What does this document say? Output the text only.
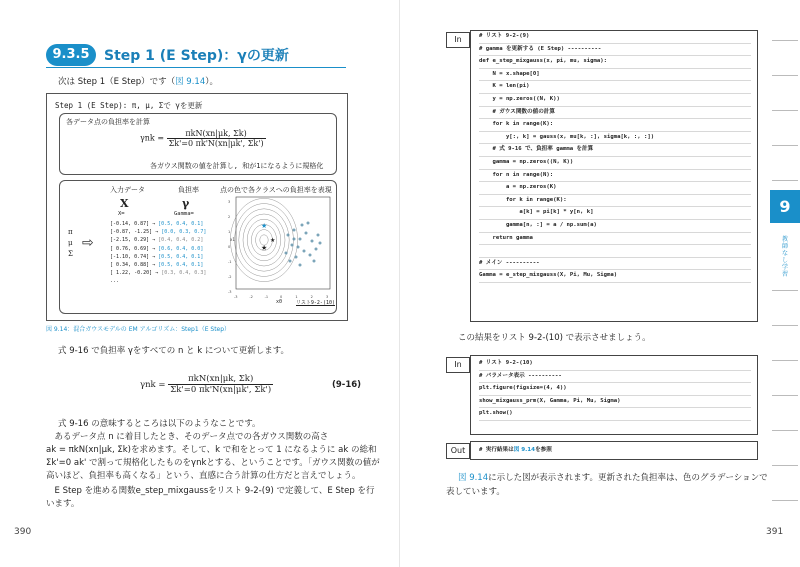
9.3.5	Step 1 (E Step)：γの更新
次は Step 1（E Step）です（図 9.14）。
Step 1 (E Step): π, μ, Σで γを更新
各データ点の負担率を計算
$\gamma nk = \frac{\text{πkN(xn|μk, Σk)}}{\Sigma k'=0 \pi k'N(xn|\mu k', \Sigma k')}$
各ガウス関数の値を計算し, 和が1になるように規格化
入力データ	負担率	点の色で各クラスへの負担率を表現
X	γ
X=	Gamma=
π
μ
Σ
⇨
[-0.14, 0.87] → [0.5, 0.4, 0.1]
[-0.87, -1.25] → [0.0, 0.3, 0.7]
[-2.15, 0.29] → [0.4, 0.4, 0.2]
[ 0.76, 0.69] → [0.6, 0.4, 0.0]
[-1.10, 0.74] → [0.5, 0.4, 0.1]
[ 0.34, 0.88] → [0.5, 0.4, 0.1]
[ 1.22, -0.20] → [0.3, 0.4, 0.3]
...
★
★
★
3
2
1
0
-1
-2
-3
-3	-2	-1	0	1	2	3
x1
x0	リスト9-2-(10)
図 9.14：混合ガウスモデルの EM アルゴリズム：Step1（E Step）
式 9-16 で負担率 γをすべての n と k について更新します。
$\gamma nk = \frac{\text{πkN(xn|μk, Σk)}}{\Sigma k'=0 \pi k'N(xn|\mu k', \Sigma k')}$	(9-16)
式 9-16 の意味するところは以下のようなことです。
　あるデータ点 n に着目したとき、そのデータ点での各ガウス関数の高さ
ak = πkN(xn|μk, Σk)を求めます。そして、k で和をとって 1 になるように ak の総和
Σk'=0 ak' で割って規格化したものをγnkとする、ということです。「ガウス関数の値が
高いほど、負担率も高くなる」という、直感に合う計算の仕方だと言えでしょう。
　E Step を進める関数e_step_mixgaussをリスト 9-2-(9) で定義して、E Step を行
います。
390
In	# リスト 9-2-(9)
# gamma を更新する (E Step) ----------
def e_step_mixgauss(x, pi, mu, sigma):
N = x.shape[0]
K = len(pi)
y = np.zeros((N, K))
# ガウス関数の値の計算
for k in range(K):
y[:, k] = gauss(x, mu[k, :], sigma[k, :, :])
# 式 9-16 で、負担率 gamma を計算
gamma = np.zeros((N, K))
for n in range(N):
a = np.zeros(K)
for k in range(K):
a[k] = pi[k] * y[n, k]
gamma[n, :] = a / np.sum(a)
return gamma

# メイン ----------
Gamma = e_step_mixgauss(X, Pi, Mu, Sigma)
この結果をリスト 9-2-(10) で表示させましょう。
In	# リスト 9-2-(10)
# パラメータ表示 ----------
plt.figure(figsize=(4, 4))
show_mixgauss_prm(X, Gamma, Pi, Mu, Sigma)
plt.show()
Out	# 実行結果は図 9.14を参照
図 9.14に示した図が表示されます。更新された負担率は、色のグラデーションで
表しています。
9
教
師
な
し
学
習
391
